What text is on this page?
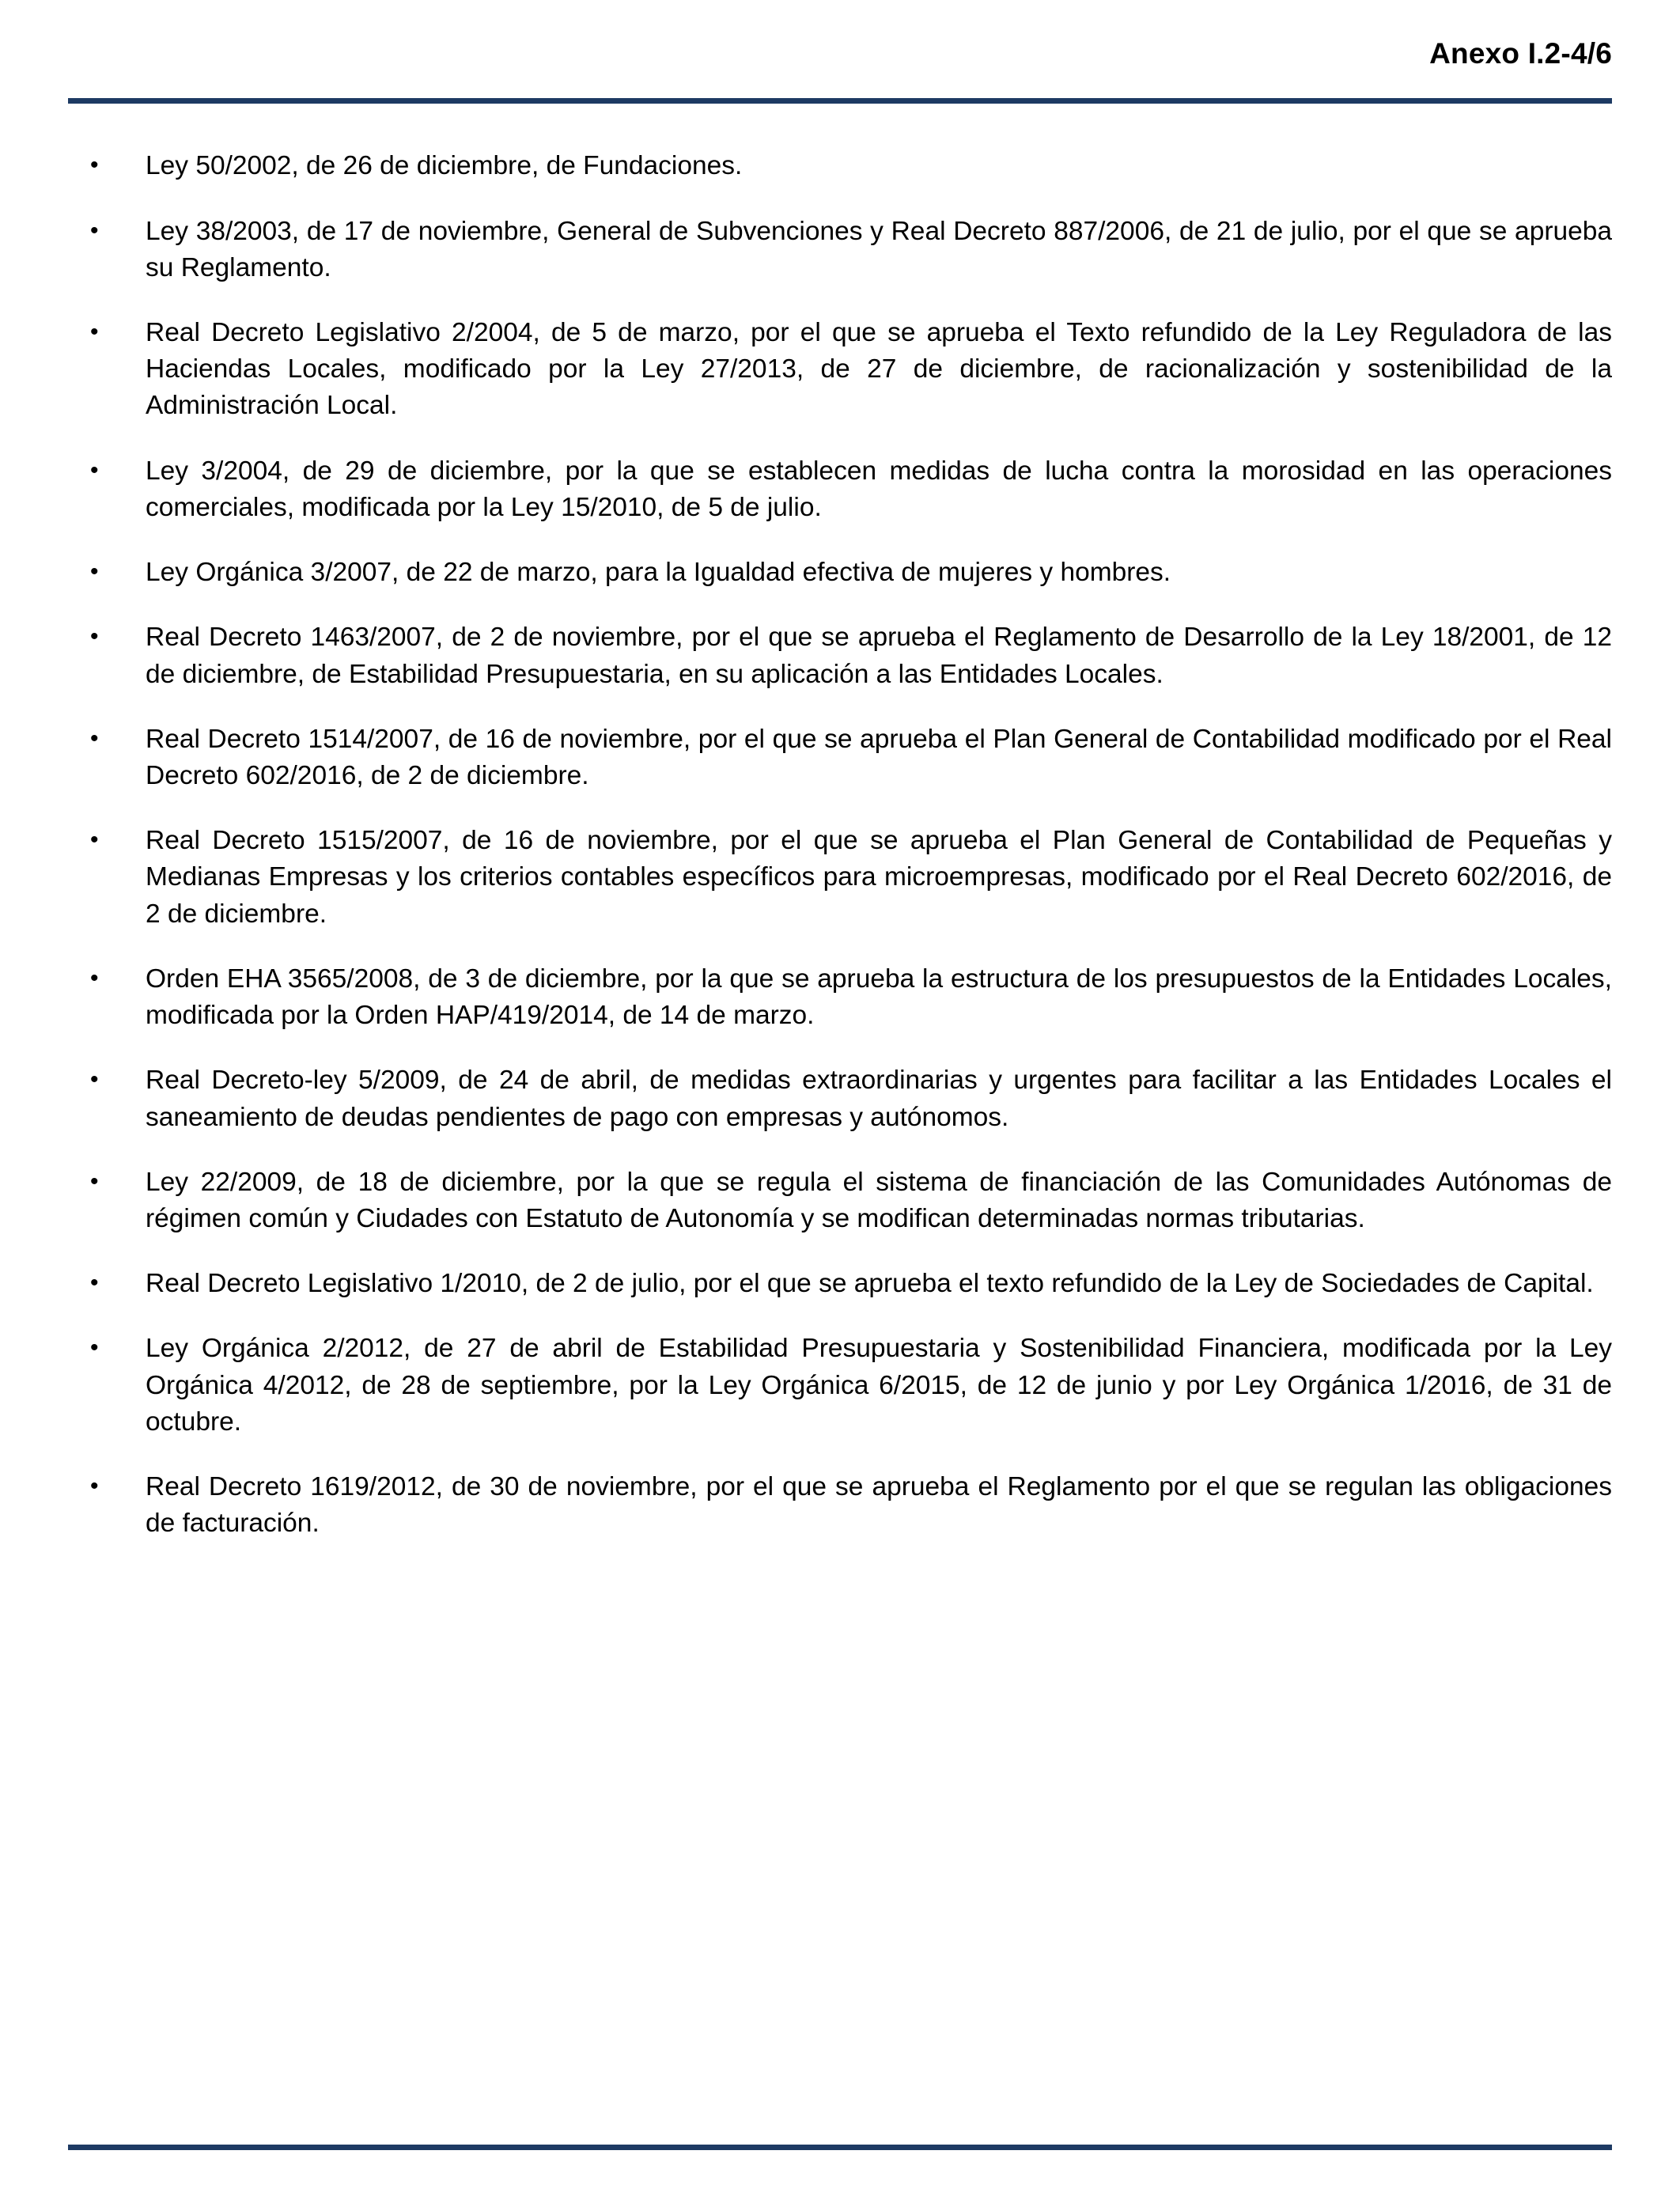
Anexo I.2-4/6
• Ley 50/2002, de 26 de diciembre, de Fundaciones.
• Ley 38/2003, de 17 de noviembre, General de Subvenciones y Real Decreto 887/2006, de 21 de julio, por el que se aprueba su Reglamento.
• Real Decreto Legislativo 2/2004, de 5 de marzo, por el que se aprueba el Texto refundido de la Ley Reguladora de las Haciendas Locales, modificado por la Ley 27/2013, de 27 de diciembre, de racionalización y sostenibilidad de la Administración Local.
• Ley 3/2004, de 29 de diciembre, por la que se establecen medidas de lucha contra la morosidad en las operaciones comerciales, modificada por la Ley 15/2010, de 5 de julio.
• Ley Orgánica 3/2007, de 22 de marzo, para la Igualdad efectiva de mujeres y hombres.
• Real Decreto 1463/2007, de 2 de noviembre, por el que se aprueba el Reglamento de Desarrollo de la Ley 18/2001, de 12 de diciembre, de Estabilidad Presupuestaria, en su aplicación a las Entidades Locales.
• Real Decreto 1514/2007, de 16 de noviembre, por el que se aprueba el Plan General de Contabilidad modificado por el Real Decreto 602/2016, de 2 de diciembre.
• Real Decreto 1515/2007, de 16 de noviembre, por el que se aprueba el Plan General de Contabilidad de Pequeñas y Medianas Empresas y los criterios contables específicos para microempresas, modificado por el Real Decreto 602/2016, de 2 de diciembre.
• Orden EHA 3565/2008, de 3 de diciembre, por la que se aprueba la estructura de los presupuestos de la Entidades Locales, modificada por la Orden HAP/419/2014, de 14 de marzo.
• Real Decreto-ley 5/2009, de 24 de abril, de medidas extraordinarias y urgentes para facilitar a las Entidades Locales el saneamiento de deudas pendientes de pago con empresas y autónomos.
• Ley 22/2009, de 18 de diciembre, por la que se regula el sistema de financiación de las Comunidades Autónomas de régimen común y Ciudades con Estatuto de Autonomía y se modifican determinadas normas tributarias.
• Real Decreto Legislativo 1/2010, de 2 de julio, por el que se aprueba el texto refundido de la Ley de Sociedades de Capital.
• Ley Orgánica 2/2012, de 27 de abril de Estabilidad Presupuestaria y Sostenibilidad Financiera, modificada por la Ley Orgánica 4/2012, de 28 de septiembre, por la Ley Orgánica 6/2015, de 12 de junio y por Ley Orgánica 1/2016, de 31 de octubre.
• Real Decreto 1619/2012, de 30 de noviembre, por el que se aprueba el Reglamento por el que se regulan las obligaciones de facturación.
